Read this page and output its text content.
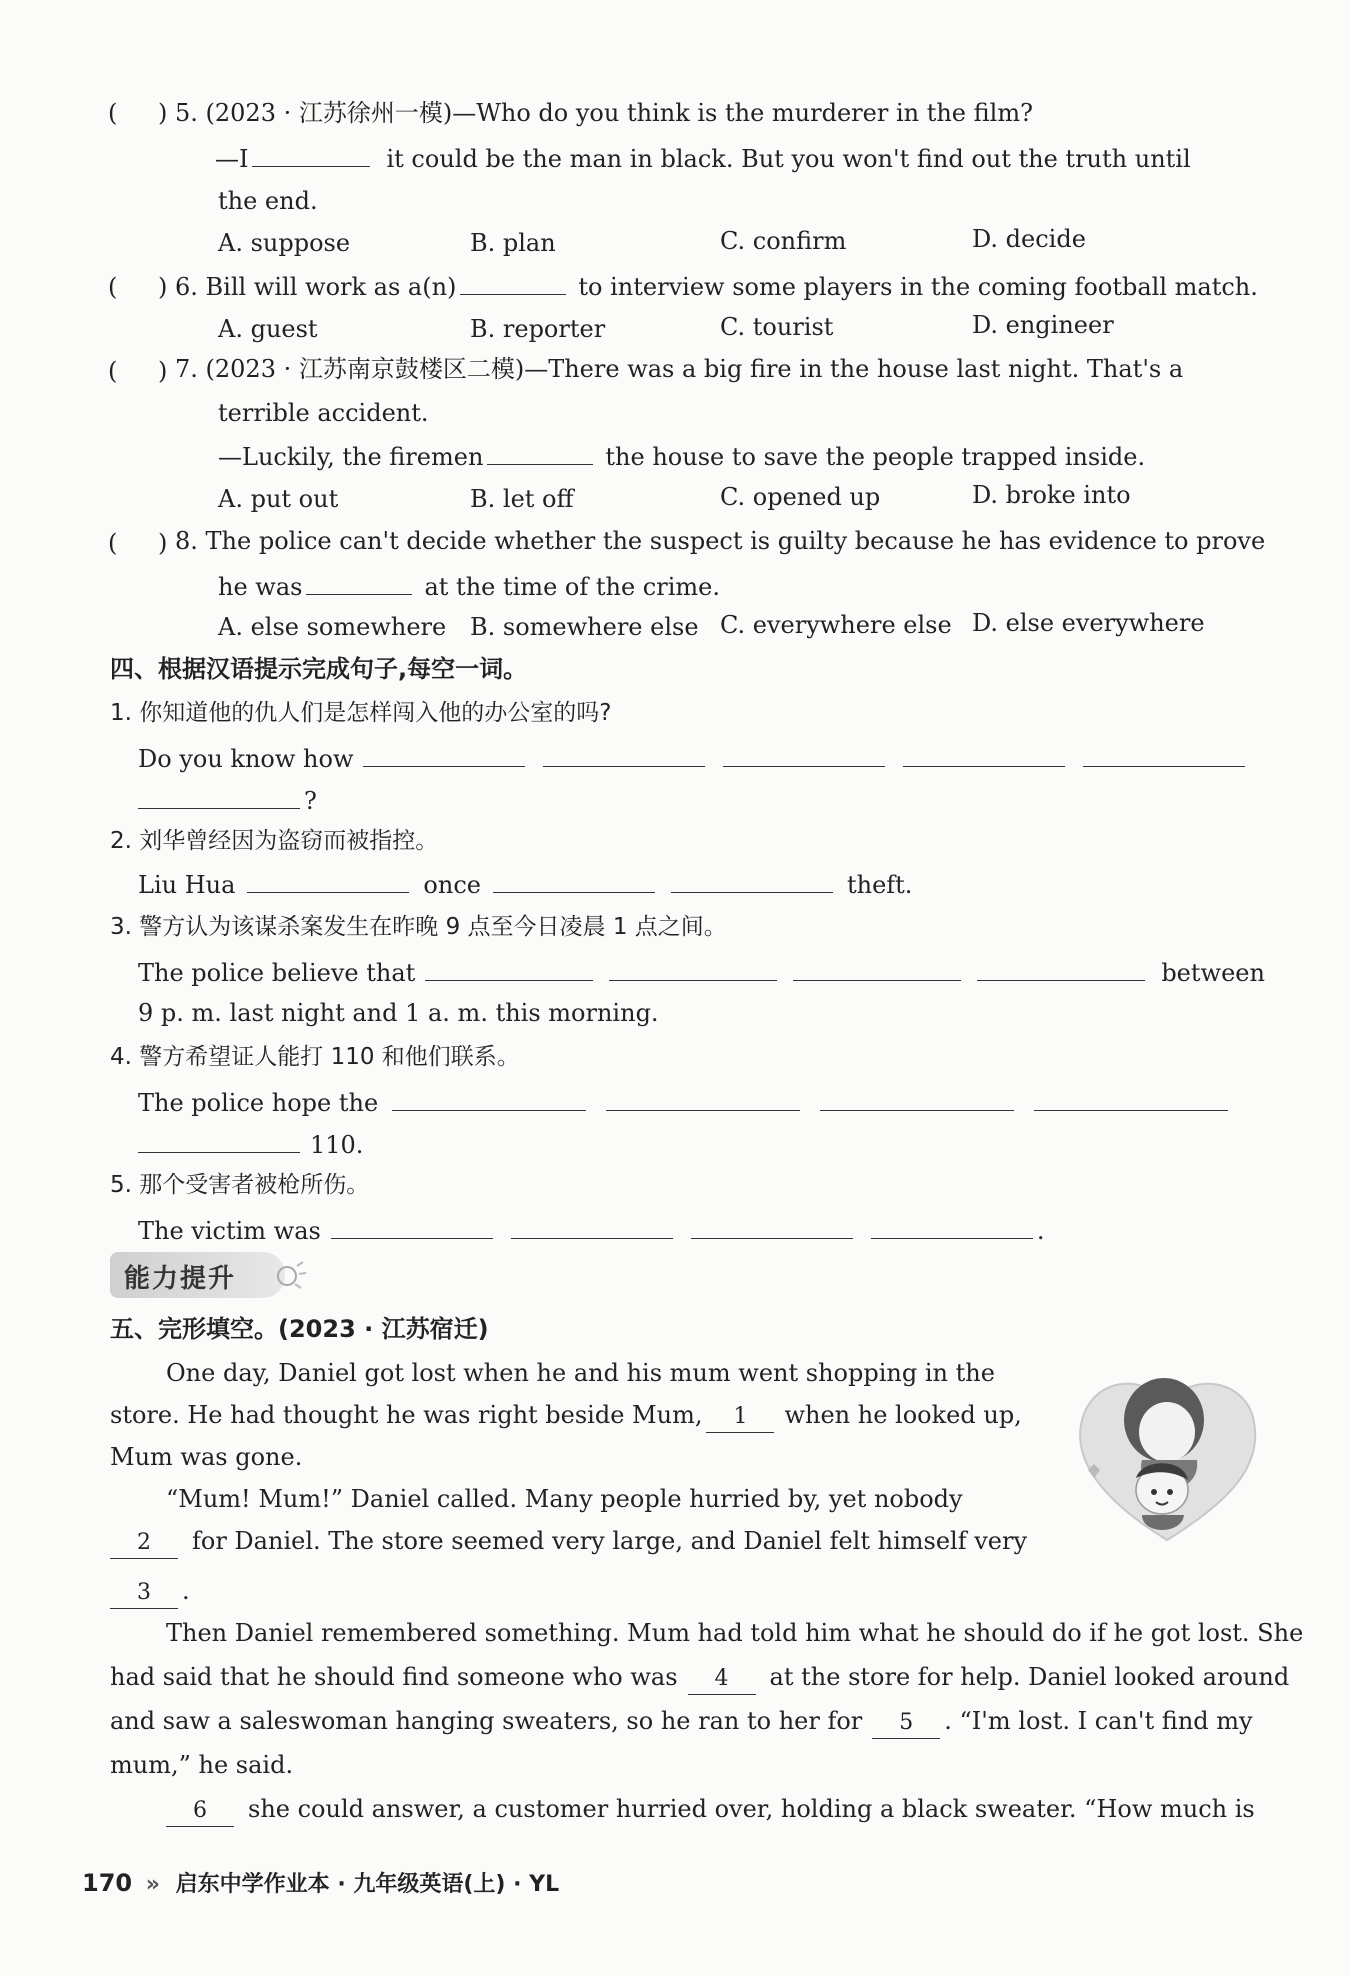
( 5. (2023 · 江苏徐州一模)—Who do you think is the murderer in the film?
—I	it could be the man in black. But you won't find out the truth until
the end.
A. suppose	B. plan	C. confirm	D. decide
( 6. Bill will work as a(n)	to interview some players in the coming football match.
A. guest	B. reporter	C. tourist	D. engineer
( 7. (2023 · 江苏南京鼓楼区二模)—There was a big fire in the house last night. That's a
terrible accident.
—Luckily, the firemen	the house to save the people trapped inside.
A. put out	B. let off	C. opened up	D. broke into
( 8. The police can't decide whether the suspect is guilty because he has evidence to prove
he was	at the time of the crime.
A. else somewhere B. somewhere else C. everywhere else D. else everywhere
四、根据汉语提示完成句子,每空一词。
1. 你知道他的仇人们是怎样闯入他的办公室的吗?
Do you know how
?
2. 刘华曾经因为盗窃而被指控。
Liu Hua	once	theft.
3. 警方认为该谋杀案发生在昨晚 9 点至今日凌晨 1 点之间。
The police believe that	between
9 p. m. last night and 1 a. m. this morning.
4. 警方希望证人能打 110 和他们联系。
The police hope the
110.
5. 那个受害者被枪所伤。
The victim was	.
能力提升
五、完形填空。(2023 · 江苏宿迁)
One day, Daniel got lost when he and his mum went shopping in the
store. He had thought he was right beside Mum, 1 when he looked up,
Mum was gone.
“Mum! Mum!” Daniel called. Many people hurried by, yet nobody
2 for Daniel. The store seemed very large, and Daniel felt himself very
3 .
Then Daniel remembered something. Mum had told him what he should do if he got lost. She
had said that he should find someone who was 4 at the store for help. Daniel looked around
and saw a saleswoman hanging sweaters, so he ran to her for 5 . “I'm lost. I can't find my
mum,” he said.
6 she could answer, a customer hurried over, holding a black sweater. “How much is
170 » 启东中学作业本 · 九年级英语(上) · YL
)
)
)
)
